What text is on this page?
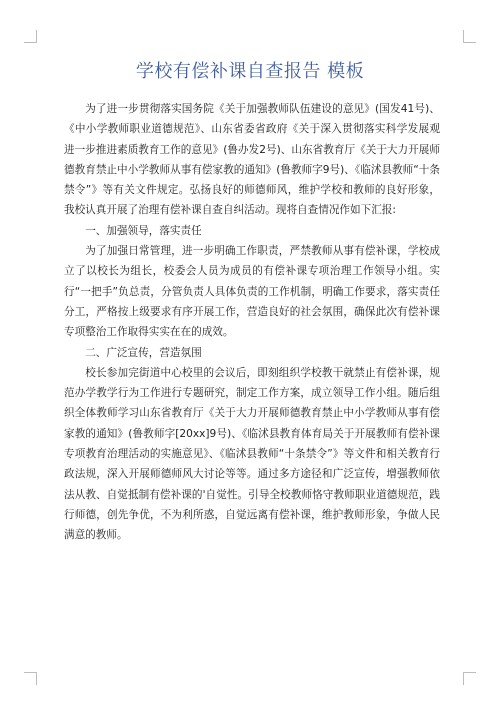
学校有偿补课自查报告 模板

为了进一步贯彻落实国务院《关于加强教师队伍建设的意见》(国发41号)、《中小学教师职业道德规范》、山东省委省政府《关于深入贯彻落实科学发展观进一步推进素质教育工作的意见》(鲁办发2号)、山东省教育厅《关于大力开展师德教育禁止中小学教师从事有偿家教的通知》(鲁教师字9号)、《临沭县教师“十条禁令”》等有关文件规定。弘扬良好的师德师风，维护学校和教师的良好形象，我校认真开展了治理有偿补课自查自纠活动。现将自查情况作如下汇报:

一、加强领导，落实责任

为了加强日常管理，进一步明确工作职责，严禁教师从事有偿补课，学校成立了以校长为组长，校委会人员为成员的有偿补课专项治理工作领导小组。实行“一把手”负总责，分管负责人具体负责的工作机制，明确工作要求，落实责任分工，严格按上级要求有序开展工作，营造良好的社会氛围，确保此次有偿补课专项整治工作取得实实在在的成效。

二、广泛宣传，营造氛围

校长参加完街道中心校里的会议后，即刻组织学校教干就禁止有偿补课，规范办学教学行为工作进行专题研究，制定工作方案，成立领导工作小组。随后组织全体教师学习山东省教育厅《关于大力开展师德教育禁止中小学教师从事有偿家教的通知》(鲁教师字[20xx]9号)、《临沭县教育体育局关于开展教师有偿补课专项教育治理活动的实施意见》、《临沭县教师“十条禁令”》等文件和相关教育行政法规，深入开展师德师风大讨论等等。通过多方途径和广泛宣传，增强教师依法从教、自觉抵制有偿补课的'自觉性。引导全校教师恪守教师职业道德规范，践行师德，创先争优，不为利所惑，自觉远离有偿补课，维护教师形象，争做人民满意的教师。
